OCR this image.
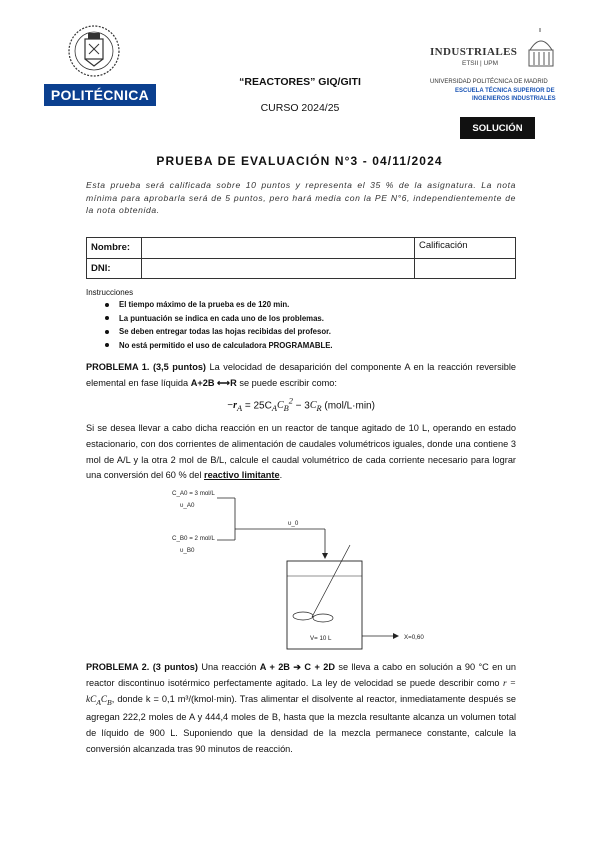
POLITÉCNICA
“REACTORES” GIQ/GITI
CURSO 2024/25
INDUSTRIALES
ETSII | UPM
UNIVERSIDAD POLITÉCNICA DE MADRID
ESCUELA TÉCNICA SUPERIOR DE
INGENIEROS INDUSTRIALES
SOLUCIÓN
PRUEBA DE EVALUACIÓN N°3 - 04/11/2024
Esta prueba será calificada sobre 10 puntos y representa el 35 % de la asignatura. La nota mínima para aprobarla será de 5 puntos, pero hará media con la PE N°6, independientemente de la nota obtenida.
Nombre:		Calificación
DNI:		
Instrucciones
El tiempo máximo de la prueba es de 120 min.
La puntuación se indica en cada uno de los problemas.
Se deben entregar todas las hojas recibidas del profesor.
No está permitido el uso de calculadora PROGRAMABLE.
PROBLEMA 1. (3,5 puntos) La velocidad de desaparición del componente A en la reacción reversible elemental en fase líquida A+2B ⟷R se puede escribir como:
$-r_A = 25C_AC_B^2 - 3C_R$ (mol/L·min)
Si se desea llevar a cabo dicha reacción en un reactor de tanque agitado de 10 L, operando en estado estacionario, con dos corrientes de alimentación de caudales volumétricos iguales, donde una contiene 3 mol de A/L y la otra 2 mol de B/L, calcule el caudal volumétrico de cada corriente necesario para lograr una conversión del 60 % del reactivo limitante.
C_A0 = 3 mol/L
υ_A0
C_B0 = 2 mol/L
υ_B0
υ_0
V= 10 L	X=0,60
PROBLEMA 2. (3 puntos) Una reacción A + 2B ➔ C + 2D se lleva a cabo en solución a 90 °C en un reactor discontinuo isotérmico perfectamente agitado. La ley de velocidad se puede describir como $r = kC_AC_B$, donde k = 0,1 m³/(kmol·min). Tras alimentar el disolvente al reactor, inmediatamente después se agregan 222,2 moles de A y 444,4 moles de B, hasta que la mezcla resultante alcanza un volumen total de líquido de 900 L. Suponiendo que la densidad de la mezcla permanece constante, calcule la conversión alcanzada tras 90 minutos de reacción.
